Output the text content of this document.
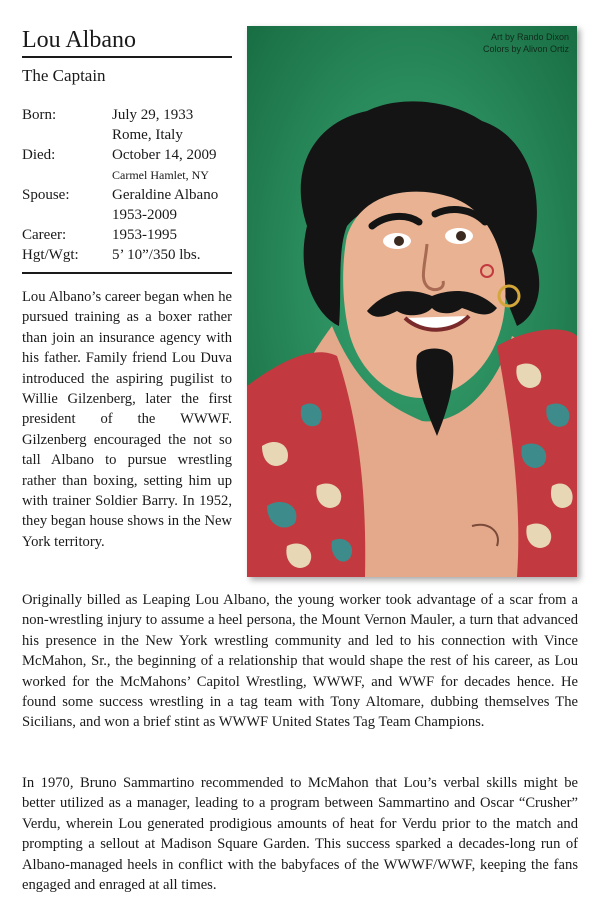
Lou Albano
The Captain
Born:	July 29, 1933
Rome, Italy
Died:	October 14, 2009
Carmel Hamlet, NY
Spouse:	Geraldine Albano
1953-2009
Career:	1953-1995
Hgt/Wgt: 5’ 10”/350 lbs.

Lou Albano’s career began when he pursued training as a boxer rather than join an insurance agency with his father. Family friend Lou Duva introduced the aspiring pugilist to Willie Gilzenberg, later the first president of the WWWF. Gilzenberg encouraged the not so tall Albano to pursue wrestling rather than boxing, setting him up with trainer Soldier Barry. In 1952, they began house shows in the New York territory.

Art by Rando Dixon
Colors by Alivon Ortiz

Originally billed as Leaping Lou Albano, the young worker took advantage of a scar from a non-wrestling injury to assume a heel persona, the Mount Vernon Mauler, a turn that advanced his presence in the New York wrestling community and led to his connection with Vince McMahon, Sr., the beginning of a relationship that would shape the rest of his career, as Lou worked for the McMahons’ Capitol Wrestling, WWWF, and WWF for decades hence. He found some success wrestling in a tag team with Tony Altomare, dubbing themselves The Sicilians, and won a brief stint as WWWF United States Tag Team Champions.

In 1970, Bruno Sammartino recommended to McMahon that Lou’s verbal skills might be better utilized as a manager, leading to a program between Sammartino and Oscar “Crusher” Verdu, wherein Lou generated prodigious amounts of heat for Verdu prior to the match and prompting a sellout at Madison Square Garden. This success sparked a decades-long run of Albano-managed heels in conflict with the babyfaces of the WWWF/WWF, keeping the fans engaged and enraged at all times.
